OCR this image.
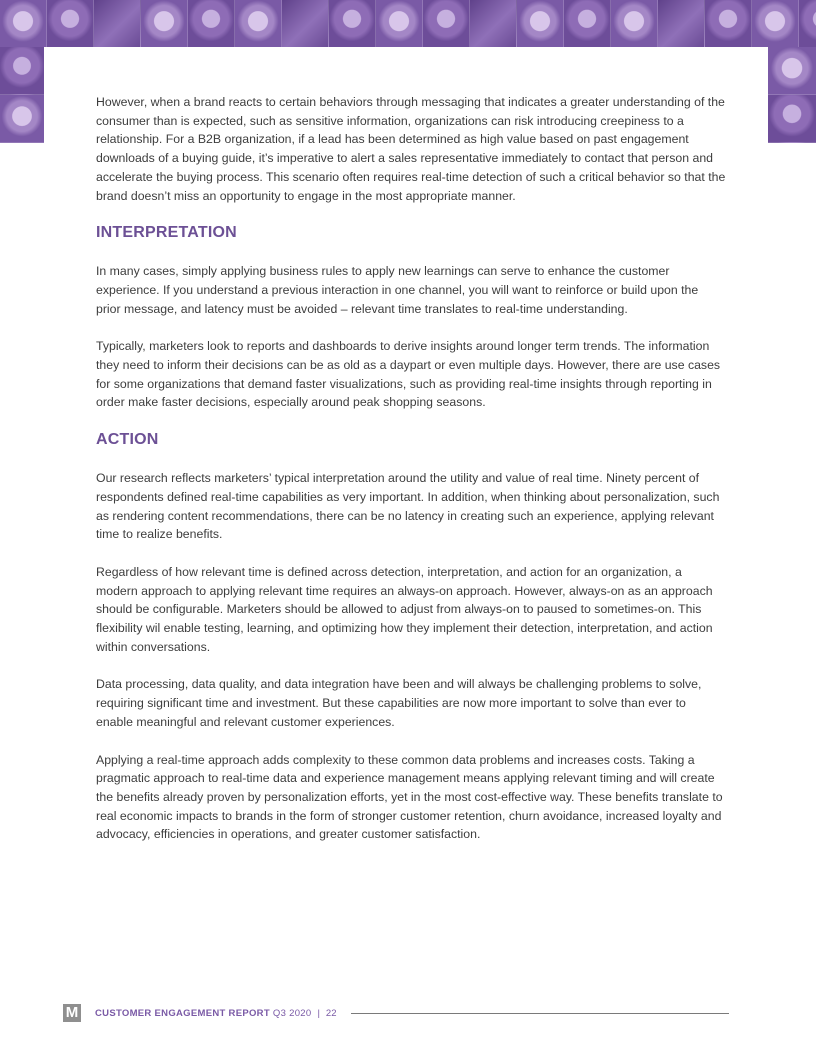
However, when a brand reacts to certain behaviors through messaging that indicates a greater understanding of the consumer than is expected, such as sensitive information, organizations can risk introducing creepiness to a relationship. For a B2B organization, if a lead has been determined as high value based on past engagement downloads of a buying guide, it’s imperative to alert a sales representative immediately to contact that person and accelerate the buying process. This scenario often requires real-time detection of such a critical behavior so that the brand doesn’t miss an opportunity to engage in the most appropriate manner.

INTERPRETATION

In many cases, simply applying business rules to apply new learnings can serve to enhance the customer experience. If you understand a previous interaction in one channel, you will want to reinforce or build upon the prior message, and latency must be avoided – relevant time translates to real-time understanding.

Typically, marketers look to reports and dashboards to derive insights around longer term trends. The information they need to inform their decisions can be as old as a daypart or even multiple days. However, there are use cases for some organizations that demand faster visualizations, such as providing real-time insights through reporting in order make faster decisions, especially around peak shopping seasons.

ACTION

Our research reflects marketers’ typical interpretation around the utility and value of real time. Ninety percent of respondents defined real-time capabilities as very important. In addition, when thinking about personalization, such as rendering content recommendations, there can be no latency in creating such an experience, applying relevant time to realize benefits.

Regardless of how relevant time is defined across detection, interpretation, and action for an organization, a modern approach to applying relevant time requires an always-on approach. However, always-on as an approach should be configurable. Marketers should be allowed to adjust from always-on to paused to sometimes-on. This flexibility wil enable testing, learning, and optimizing how they implement their detection, interpretation, and action within conversations.

Data processing, data quality, and data integration have been and will always be challenging problems to solve, requiring significant time and investment. But these capabilities are now more important to solve than ever to enable meaningful and relevant customer experiences.

Applying a real-time approach adds complexity to these common data problems and increases costs. Taking a pragmatic approach to real-time data and experience management means applying relevant timing and will create the benefits already proven by personalization efforts, yet in the most cost-effective way. These benefits translate to real economic impacts to brands in the form of stronger customer retention, churn avoidance, increased loyalty and advocacy, efficiencies in operations, and greater customer satisfaction.

M CUSTOMER ENGAGEMENT REPORT Q3 2020 | 22
